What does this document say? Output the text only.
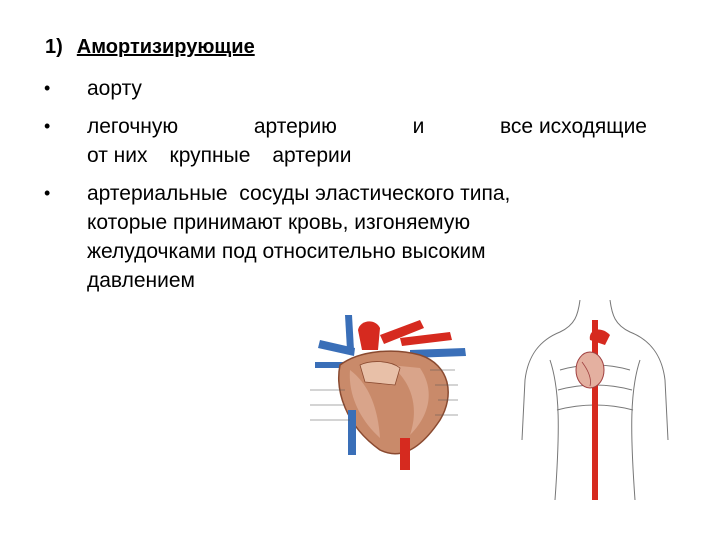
1) Амортизирующие
•	аорту
•	легочную	артерию	и	все исходящие
от них крупные артерии
•	артериальные  сосуды эластического типа,
которые принимают кровь, изгоняемую
желудочками под относительно высоким
давлением
